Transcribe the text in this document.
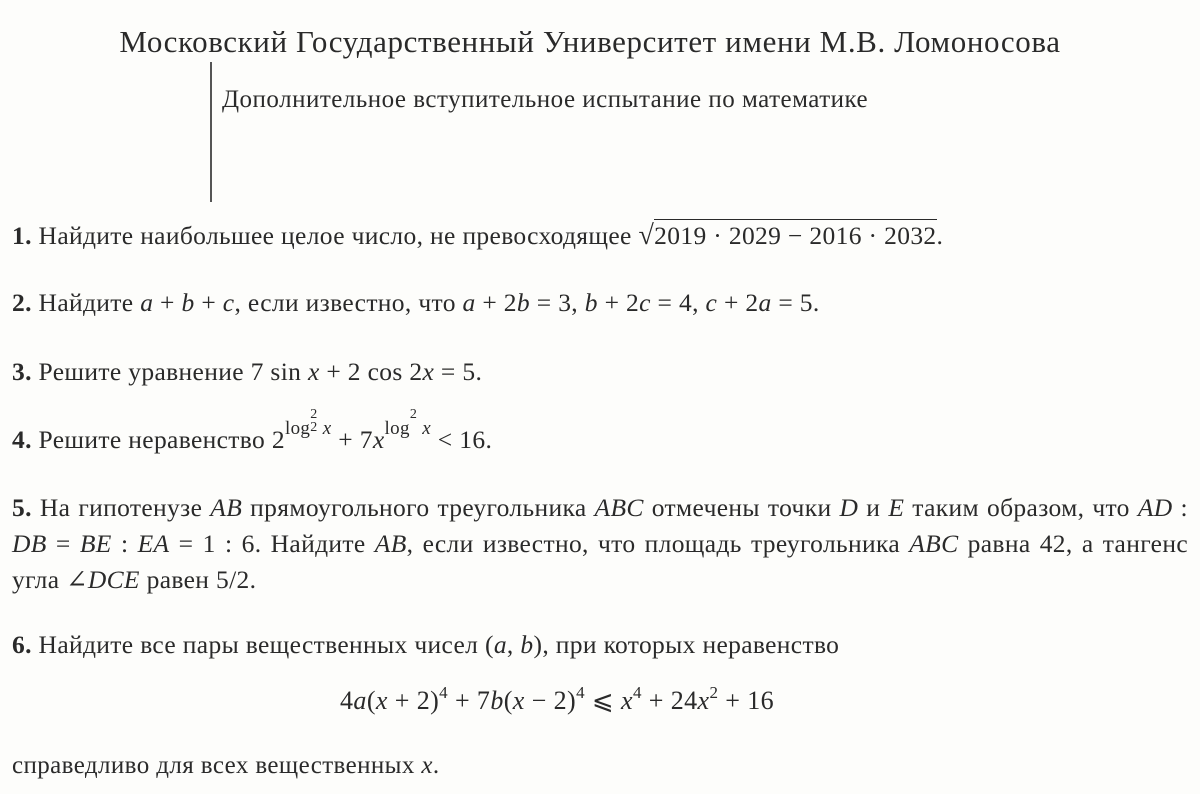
Московский Государственный Университет имени М.В. Ломоносова
Дополнительное вступительное испытание по математике
1. Найдите наибольшее целое число, не превосходящее √2019 · 2029 − 2016 · 2032.
2. Найдите a + b + c, если известно, что a + 2b = 3, b + 2c = 4, c + 2a = 5.
3. Решите уравнение 7 sin x + 2 cos 2x = 5.
4. Решите неравенство $2^{log}$
2
2 $^x + 7x^{log}$
2
$^x$ < 16.
5. На гипотенузе AB прямоугольного треугольника ABC отмечены точки D и E таким образом, что AD : DB = BE : EA = 1 : 6. Найдите AB, если известно, что площадь треугольника ABC равна 42, а тангенс угла ∠DCE равен 5/2.
6. Найдите все пары вещественных чисел (a, b), при которых неравенство
$4a(x + 2)^4 + 7b(x - 2)^4$ ⩽ $x^4 + 24x^2 + 16$
справедливо для всех вещественных x.
